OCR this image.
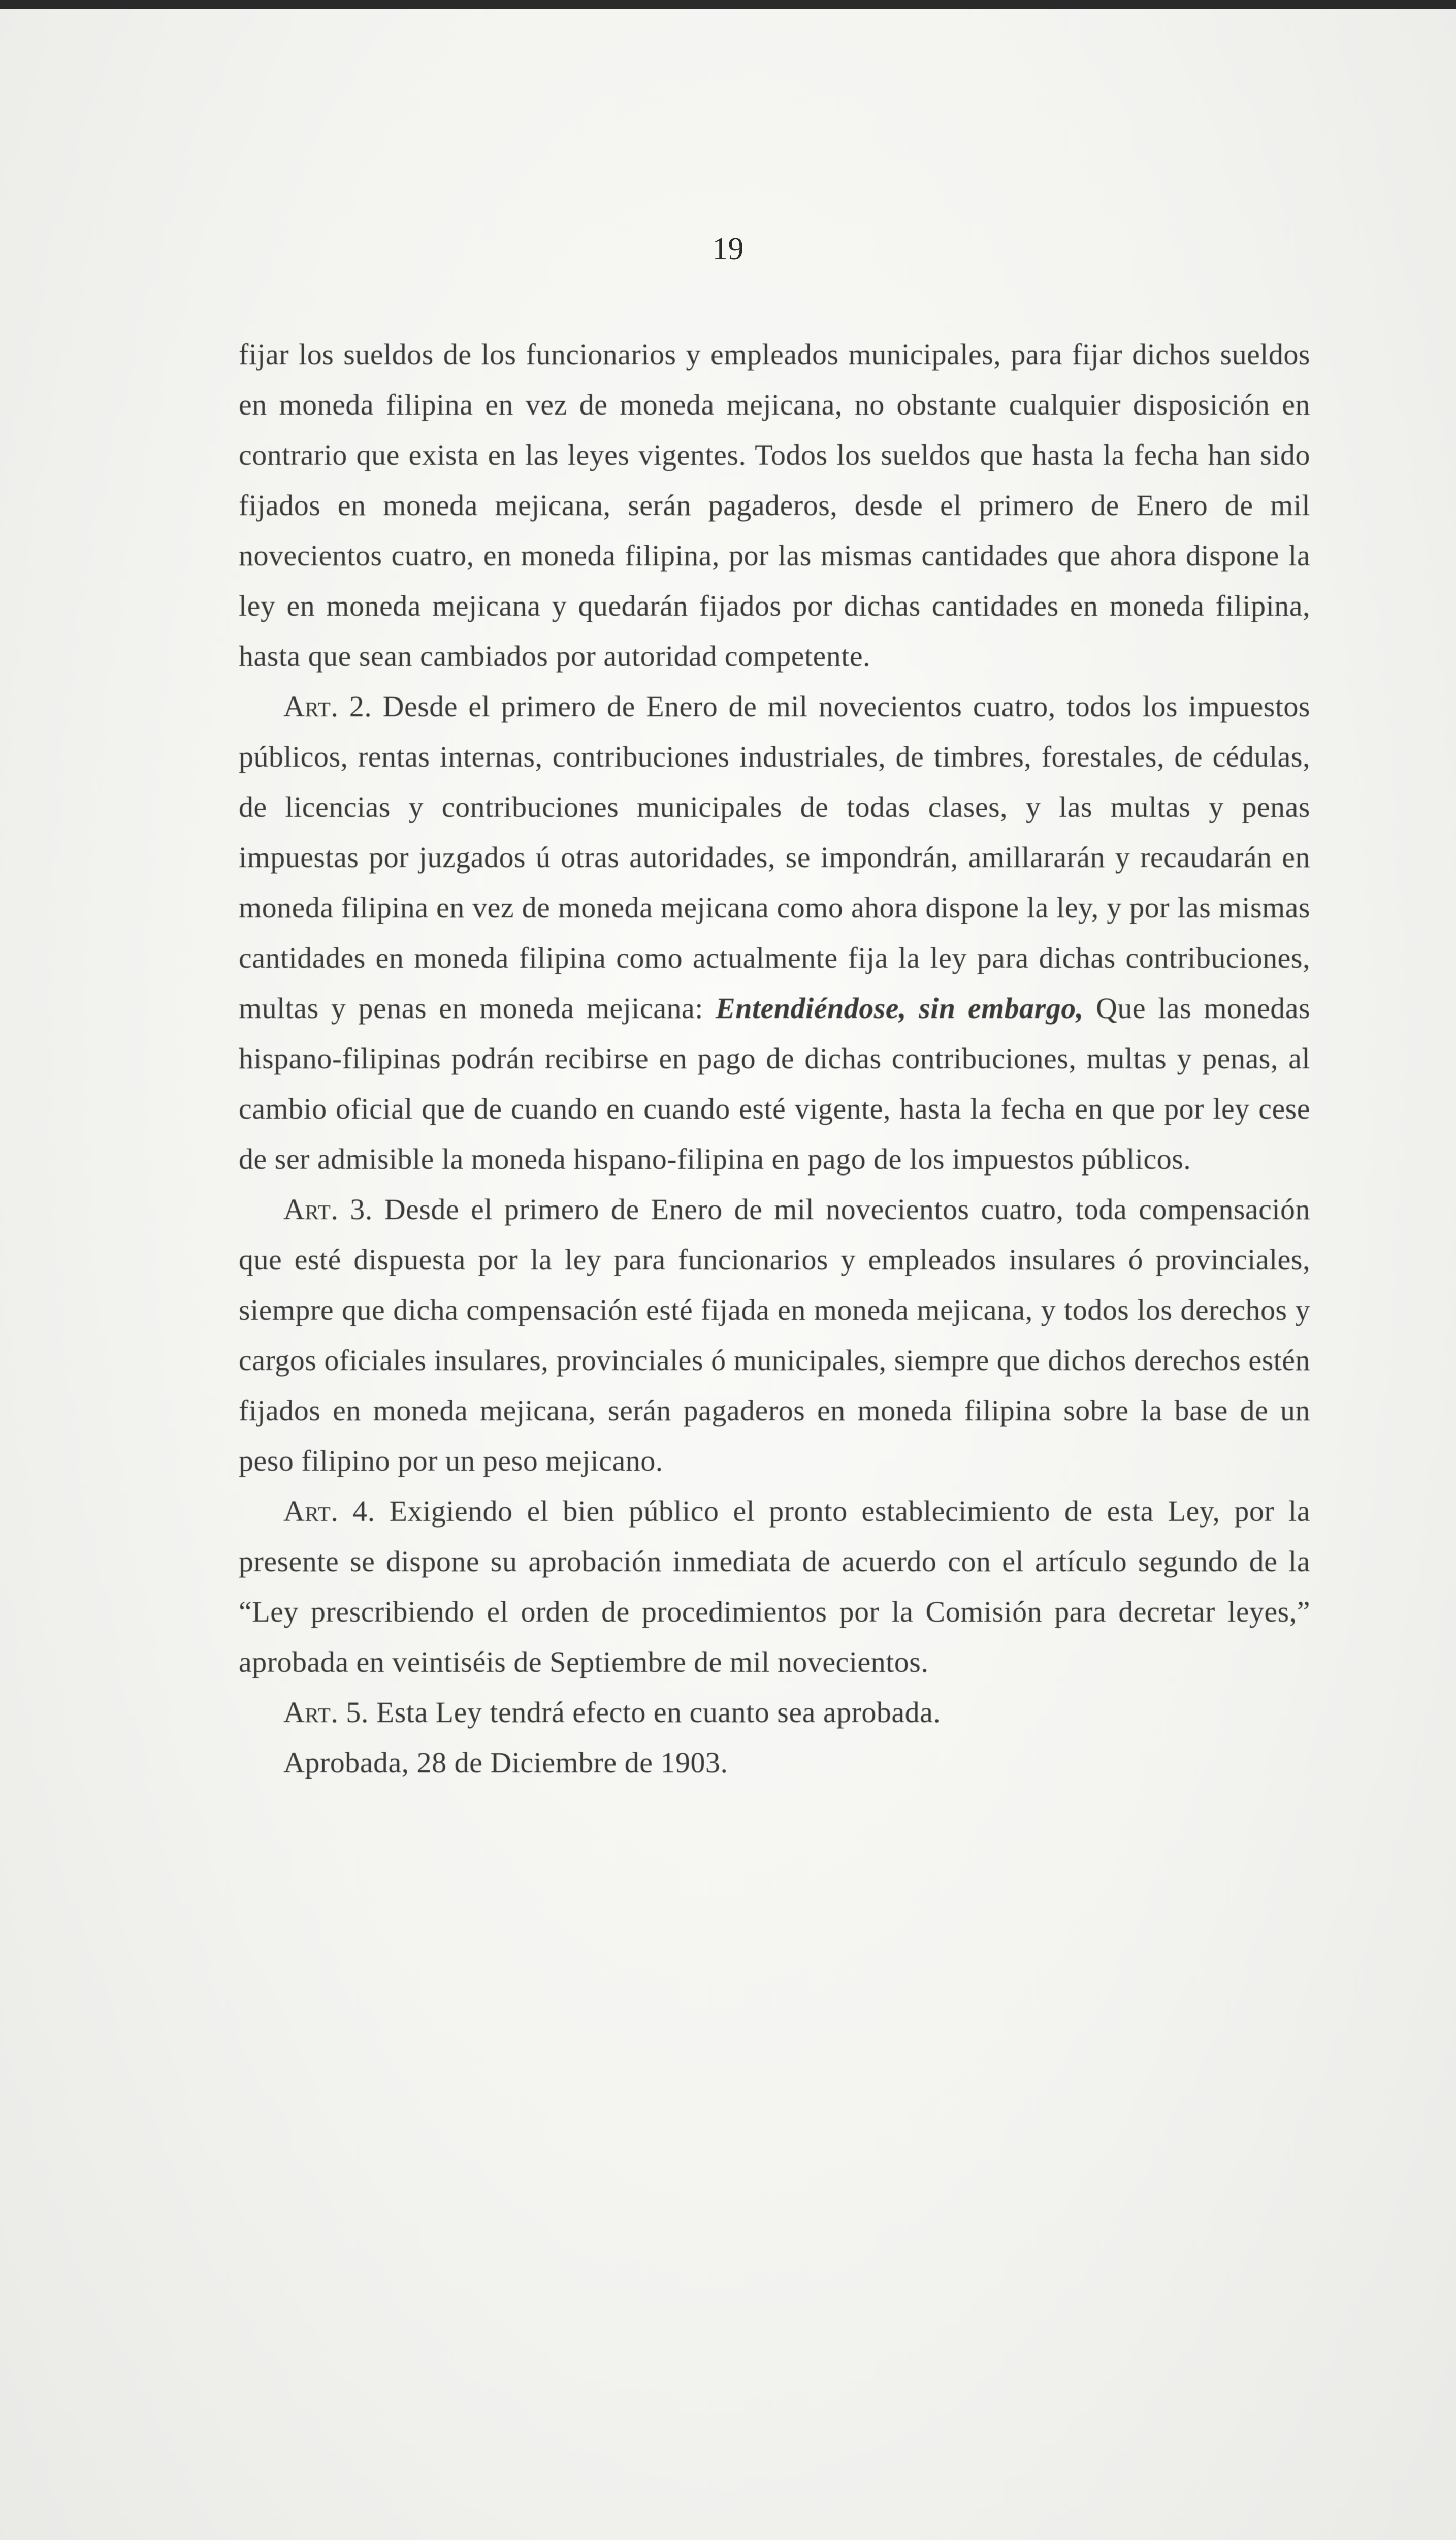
19

fijar los sueldos de los funcionarios y empleados municipales, para fijar dichos sueldos en moneda filipina en vez de moneda mejicana, no obstante cualquier disposición en contrario que exista en las leyes vigentes. Todos los sueldos que hasta la fecha han sido fijados en moneda mejicana, serán pagaderos, desde el primero de Enero de mil novecientos cuatro, en moneda filipina, por las mismas cantidades que ahora dispone la ley en moneda mejicana y quedarán fijados por dichas cantidades en moneda filipina, hasta que sean cambiados por autoridad competente.

Art. 2. Desde el primero de Enero de mil novecientos cuatro, todos los impuestos públicos, rentas internas, contribuciones industriales, de timbres, forestales, de cédulas, de licencias y contribuciones municipales de todas clases, y las multas y penas impuestas por juzgados ú otras autoridades, se impondrán, amillararán y recaudarán en moneda filipina en vez de moneda mejicana como ahora dispone la ley, y por las mismas cantidades en moneda filipina como actualmente fija la ley para dichas contribuciones, multas y penas en moneda mejicana: Entendiéndose, sin embargo, Que las monedas hispano-filipinas podrán recibirse en pago de dichas contribuciones, multas y penas, al cambio oficial que de cuando en cuando esté vigente, hasta la fecha en que por ley cese de ser admisible la moneda hispano-filipina en pago de los impuestos públicos.

Art. 3. Desde el primero de Enero de mil novecientos cuatro, toda compensación que esté dispuesta por la ley para funcionarios y empleados insulares ó provinciales, siempre que dicha compensación esté fijada en moneda mejicana, y todos los derechos y cargos oficiales insulares, provinciales ó municipales, siempre que dichos derechos estén fijados en moneda mejicana, serán pagaderos en moneda filipina sobre la base de un peso filipino por un peso mejicano.

Art. 4. Exigiendo el bien público el pronto establecimiento de esta Ley, por la presente se dispone su aprobación inmediata de acuerdo con el artículo segundo de la “Ley prescribiendo el orden de procedimientos por la Comisión para decretar leyes,” aprobada en veintiséis de Septiembre de mil novecientos.

Art. 5. Esta Ley tendrá efecto en cuanto sea aprobada.

Aprobada, 28 de Diciembre de 1903.
